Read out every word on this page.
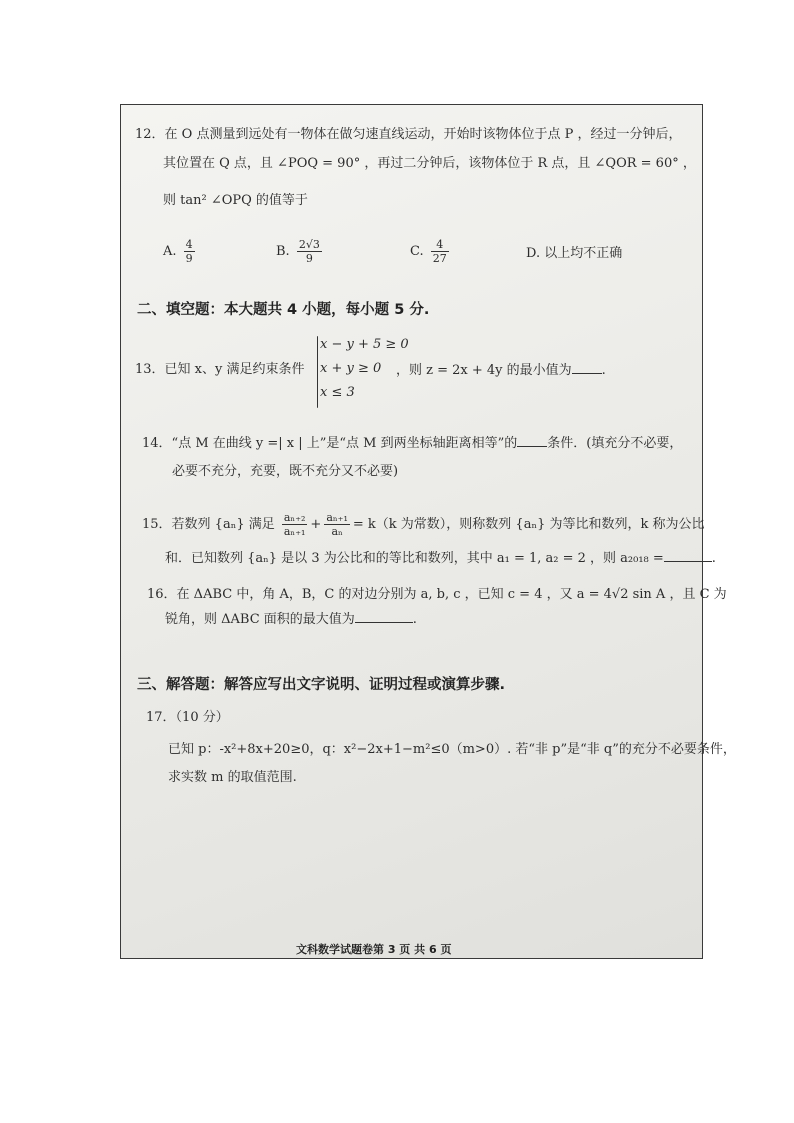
12．在 O 点测量到远处有一物体在做匀速直线运动，开始时该物体位于点 P ，经过一分钟后，
其位置在 Q 点，且 ∠POQ = 90° ，再过二分钟后，该物体位于 R 点，且 ∠QOR = 60° ，
则 tan² ∠OPQ 的值等于
A. $\frac{4}{9}$	B. $\frac{2√3}{9}$	C. $\frac{4}{27}$	D. 以上均不正确
二、填空题：本大题共 4 小题，每小题 5 分.
13．已知 x、y 满足约束条件
x − y + 5 ≥ 0
x + y ≥ 0
x ≤ 3
，则 z = 2x + 4y 的最小值为 .
14．“点 M 在曲线 y =| x | 上”是“点 M 到两坐标轴距离相等”的 条件．(填充分不必要，
必要不充分，充要，既不充分又不必要)
15．若数列 {aₙ} 满足 $\frac{\text{aₙ₊₂}}{\text{aₙ₊₁}} + \frac{\text{aₙ₊₁}}{\text{aₙ}} = k(k$ 为常数），则称数列 {aₙ} 为等比和数列，k 称为公比
和．已知数列 {aₙ} 是以 3 为公比和的等比和数列，其中 a₁ = 1, a₂ = 2 ，则 a₂₀₁₈ =	.
16．在 ΔABC 中，角 A，B，C 的对边分别为 a, b, c ，已知 c = 4 ，又 a = 4√2 sin A ，且 C 为
锐角，则 ΔABC 面积的最大值为	.
三、解答题：解答应写出文字说明、证明过程或演算步骤.
17．（10 分）
已知 p：-x²+8x+20≥0，q：x²−2x+1−m²≤0（m>0）. 若“非 p”是“非 q”的充分不必要条件，
求实数 m 的取值范围.
文科数学试题卷第 3 页 共 6 页
